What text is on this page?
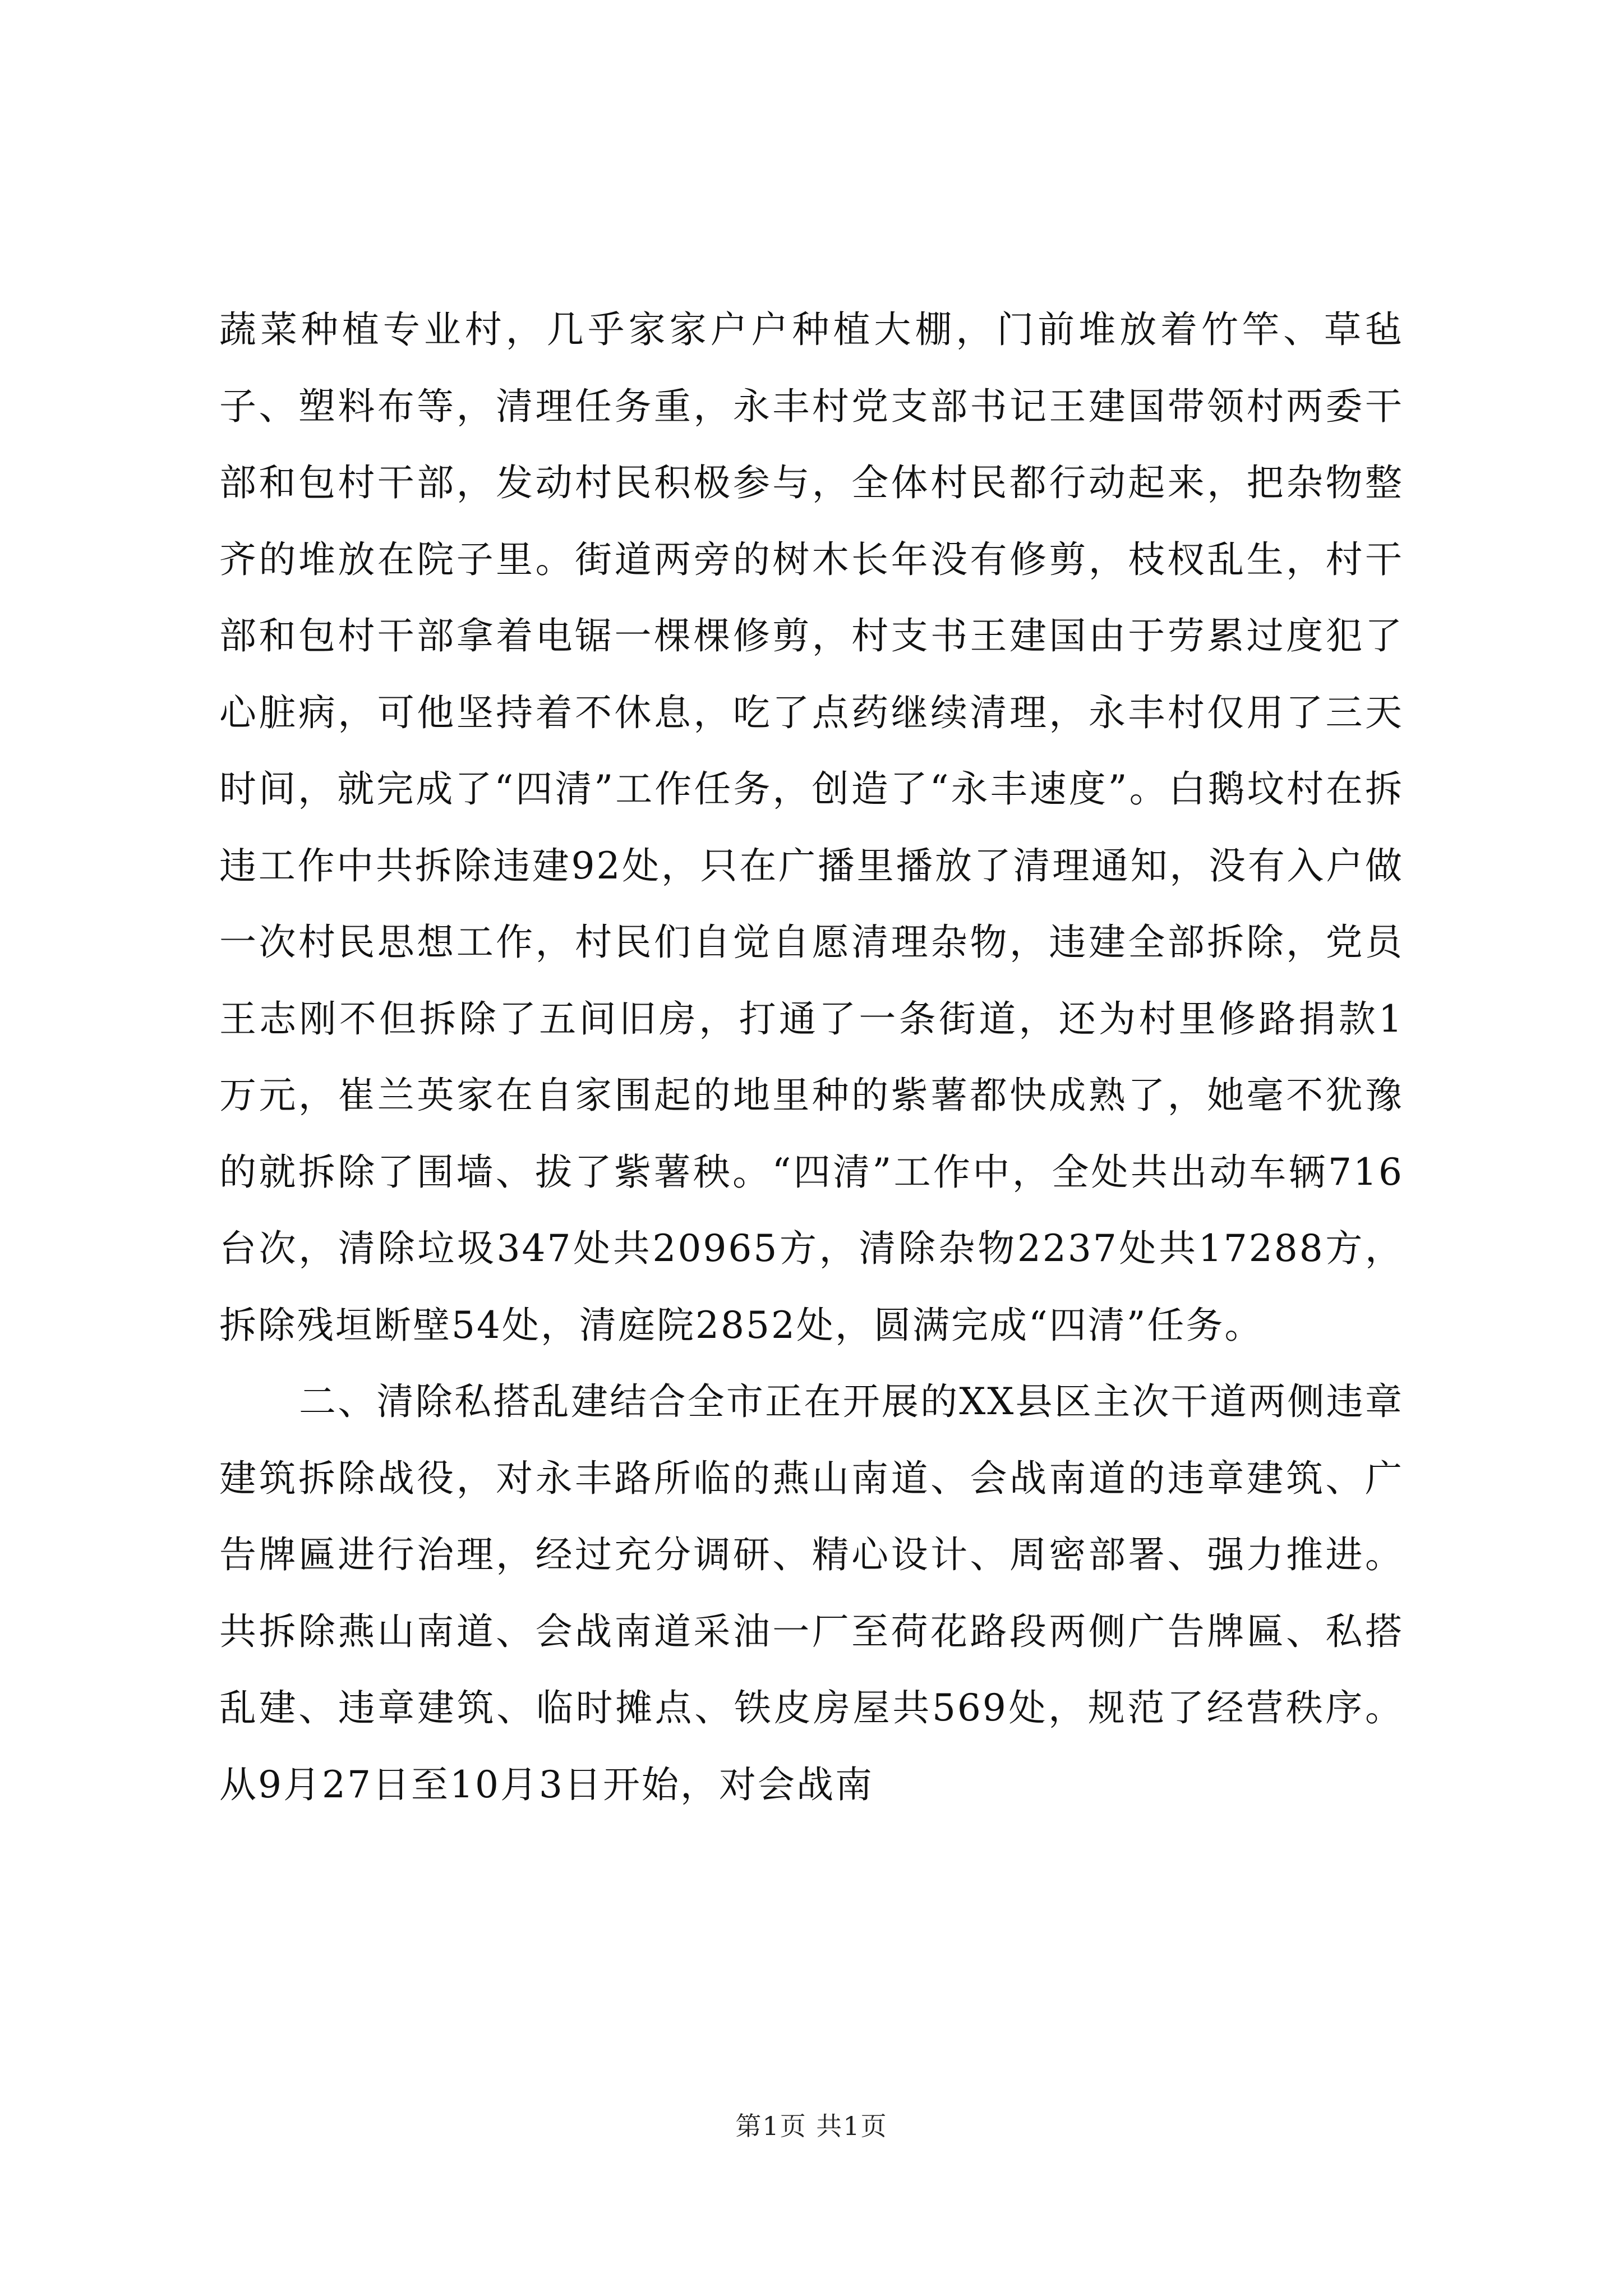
蔬菜种植专业村，几乎家家户户种植大棚，门前堆放着竹竿、草毡子、塑料布等，清理任务重，永丰村党支部书记王建国带领村两委干部和包村干部，发动村民积极参与，全体村民都行动起来，把杂物整齐的堆放在院子里。街道两旁的树木长年没有修剪，枝杈乱生，村干部和包村干部拿着电锯一棵棵修剪，村支书王建国由于劳累过度犯了心脏病，可他坚持着不休息，吃了点药继续清理，永丰村仅用了三天时间，就完成了“四清”工作任务，创造了“永丰速度”。白鹅坟村在拆违工作中共拆除违建92处，只在广播里播放了清理通知，没有入户做一次村民思想工作，村民们自觉自愿清理杂物，违建全部拆除，党员王志刚不但拆除了五间旧房，打通了一条街道，还为村里修路捐款1万元，崔兰英家在自家围起的地里种的紫薯都快成熟了，她毫不犹豫的就拆除了围墙、拔了紫薯秧。“四清”工作中，全处共出动车辆716台次，清除垃圾347处共20965方，清除杂物2237处共17288方，拆除残垣断壁54处，清庭院2852处，圆满完成“四清”任务。

二、清除私搭乱建结合全市正在开展的XX县区主次干道两侧违章建筑拆除战役，对永丰路所临的燕山南道、会战南道的违章建筑、广告牌匾进行治理，经过充分调研、精心设计、周密部署、强力推进。共拆除燕山南道、会战南道采油一厂至荷花路段两侧广告牌匾、私搭乱建、违章建筑、临时摊点、铁皮房屋共569处，规范了经营秩序。从9月27日至10月3日开始，对会战南

第1页 共1页
